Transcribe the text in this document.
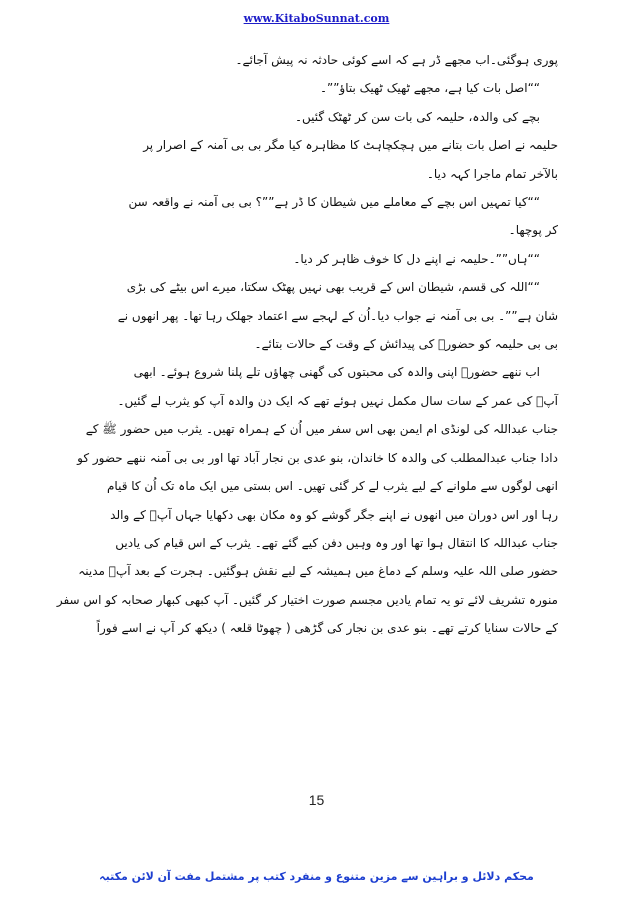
www.KitaboSunnat.com

پوری ہوگئی۔اب مجھے ڈر ہے کہ اسے کوئی حادثہ نہ پیش آجائے۔

““اصل بات کیا ہے، مجھے ٹھیک ٹھیک بتاؤ””۔

بچے کی والدہ، حلیمہ کی بات سن کر ٹھٹک گئیں۔

حلیمہ نے اصل بات بتانے میں ہچکچاہٹ کا مظاہرہ کیا مگر بی بی آمنہ کے اصرار پر

بالآخر تمام ماجرا کہہ دیا۔

““کیا تمہیں اس بچے کے معاملے میں شیطان کا ڈر ہے””؟ بی بی آمنہ نے واقعہ سن

کر پوچھا۔

““ہاں””۔حلیمہ نے اپنے دل کا خوف ظاہر کر دیا۔

““اللہ کی قسم، شیطان اس کے قریب بھی نہیں پھٹک سکتا، میرے اس بیٹے کی بڑی

شان ہے””۔ بی بی آمنہ نے جواب دیا۔اُن کے لہجے سے اعتماد جھلک رہا تھا۔ پھر انھوں نے

بی بی حلیمہ کو حضورؐ کی پیدائش کے وقت کے حالات بتائے۔

اب ننھے حضورؐ اپنی والدہ کی محبتوں کی گھنی چھاؤں تلے پلنا شروع ہوئے۔ ابھی

آپؐ کی عمر کے سات سال مکمل نہیں ہوئے تھے کہ ایک دن والدہ آپ کو یثرب لے گئیں۔

جناب عبداللہ کی لونڈی ام ایمن بھی اس سفر میں اُن کے ہمراہ تھیں۔ یثرب میں حضور ﷺ کے

دادا جناب عبدالمطلب کی والدہ کا خاندان، بنو عدی بن نجار آباد تھا اور بی بی آمنہ ننھے حضور کو

انھی لوگوں سے ملوانے کے لیے یثرب لے کر گئی تھیں۔ اس بستی میں ایک ماہ تک اُن کا قیام

رہا اور اس دوران میں انھوں نے اپنے جگر گوشے کو وہ مکان بھی دکھایا جہاں آپؐ کے والد

جناب عبداللہ کا انتقال ہوا تھا اور وہ وہیں دفن کیے گئے تھے۔ یثرب کے اس قیام کی یادیں

حضور صلی اللہ علیہ وسلم کے دماغ میں ہمیشہ کے لیے نقش ہوگئیں۔ ہجرت کے بعد آپؐ مدینہ

منورہ تشریف لائے تو یہ تمام یادیں مجسم صورت اختیار کر گئیں۔ آپ کبھی کبھار صحابہ کو اس سفر

کے حالات سنایا کرتے تھے۔ بنو عدی بن نجار کی گڑھی ( چھوٹا قلعہ ) دیکھ کر آپ نے اسے فوراً

15
محکم دلائل و براہین سے مزین متنوع و منفرد کتب پر مشتمل مفت آن لائن مکتبہ
